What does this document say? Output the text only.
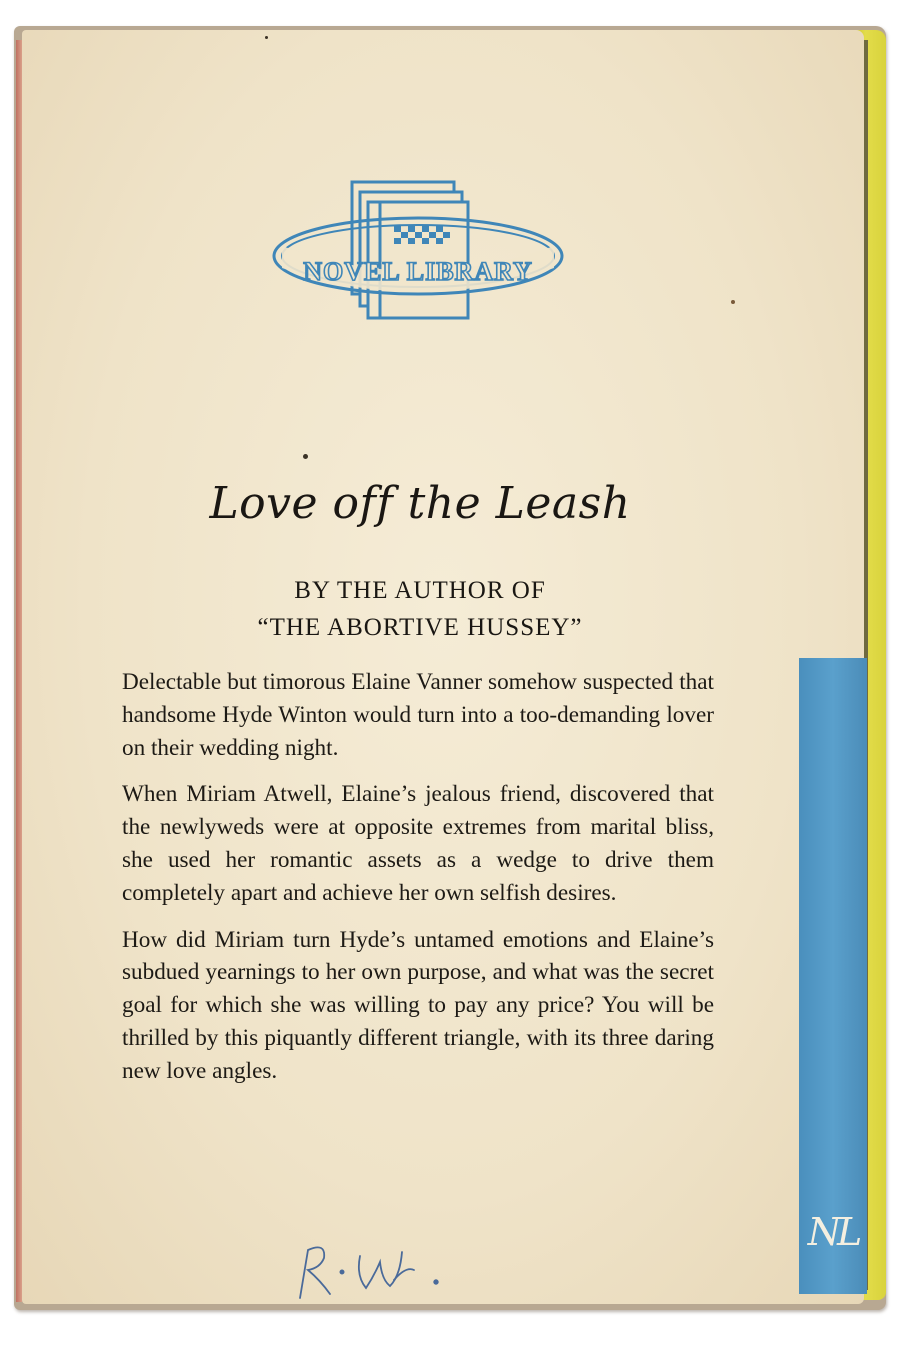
NL
NOVEL LIBRARY
Love off the Leash
BY THE AUTHOR OF
“THE ABORTIVE HUSSEY”

Delectable but timorous Elaine Vanner somehow suspected that handsome Hyde Winton would turn into a too-demanding lover on their wedding night.

When Miriam Atwell, Elaine’s jealous friend, discovered that the newlyweds were at opposite extremes from marital bliss, she used her romantic assets as a wedge to drive them completely apart and achieve her own selfish desires.

How did Miriam turn Hyde’s untamed emotions and Elaine’s subdued yearnings to her own purpose, and what was the secret goal for which she was willing to pay any price? You will be thrilled by this piquantly different triangle, with its three daring new love angles.
